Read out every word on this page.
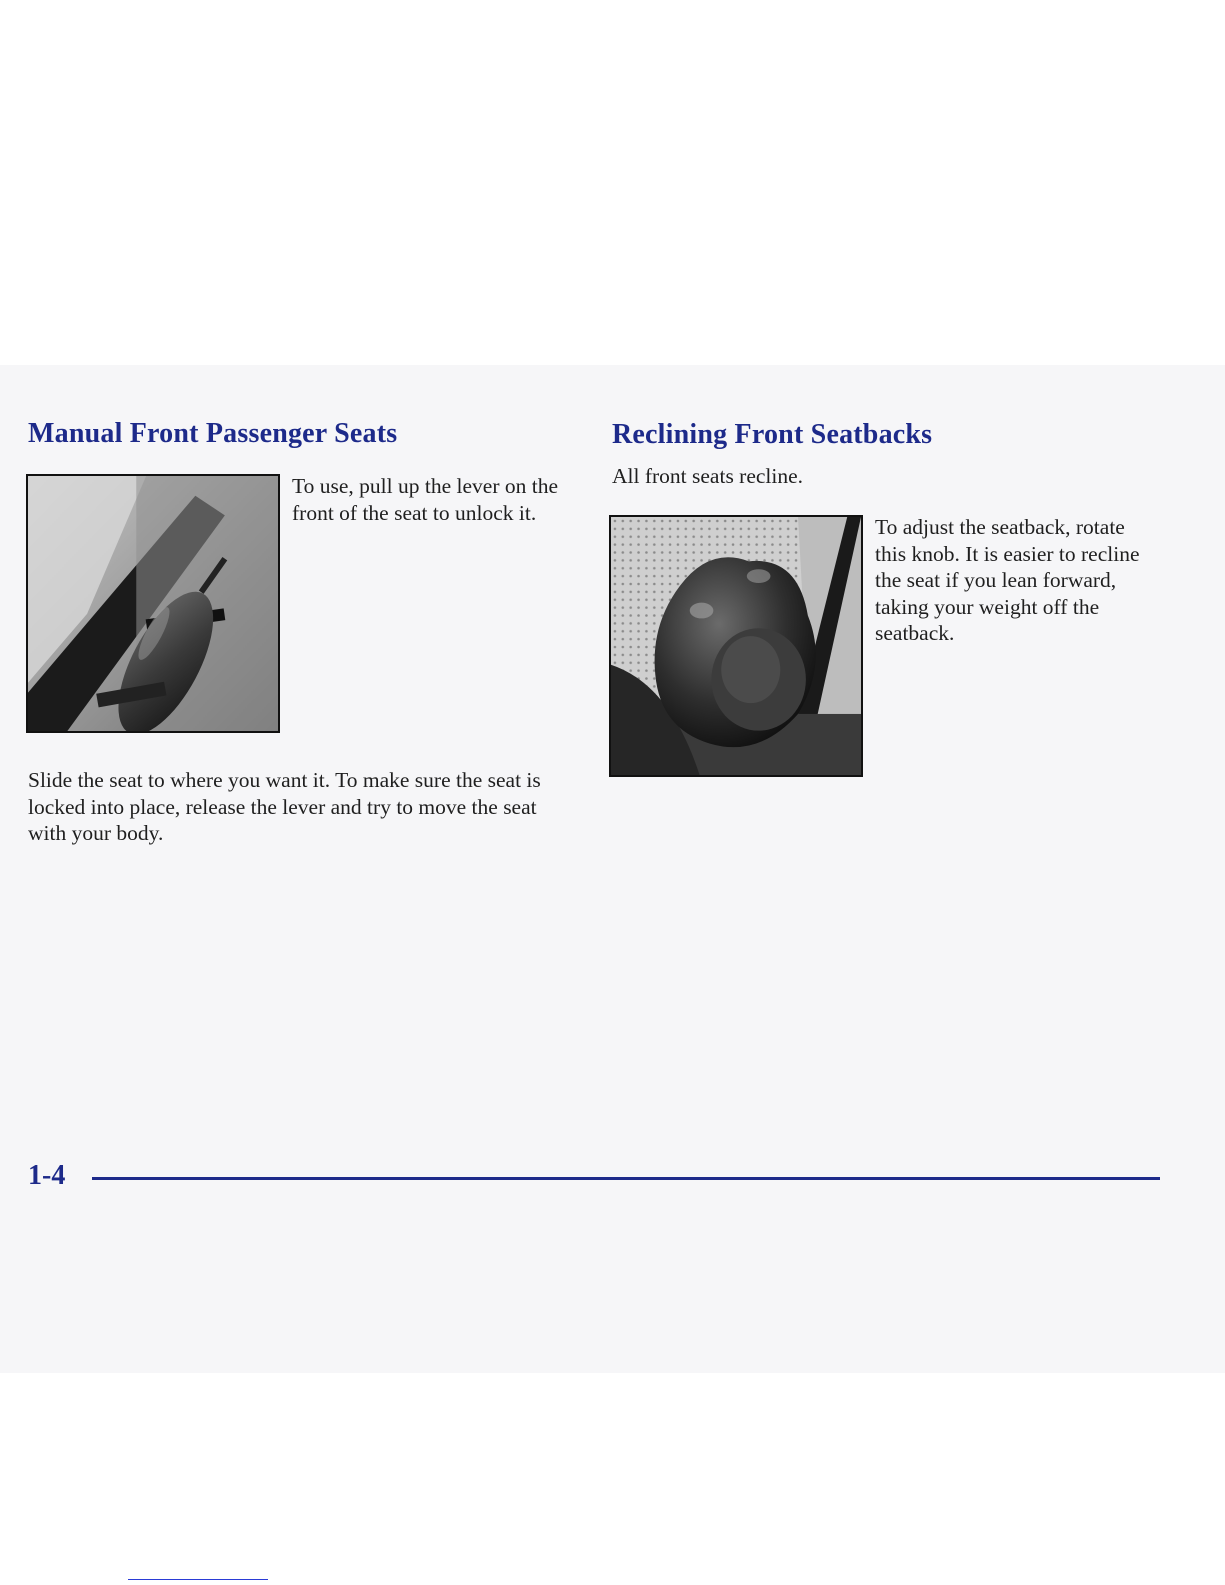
Manual Front Passenger Seats

To use, pull up the lever on the front of the seat to unlock it.

Slide the seat to where you want it. To make sure the seat is locked into place, release the lever and try to move the seat with your body.

Reclining Front Seatbacks

All front seats recline.

To adjust the seatback, rotate this knob. It is easier to recline the seat if you lean forward, taking your weight off the seatback.

1-4
